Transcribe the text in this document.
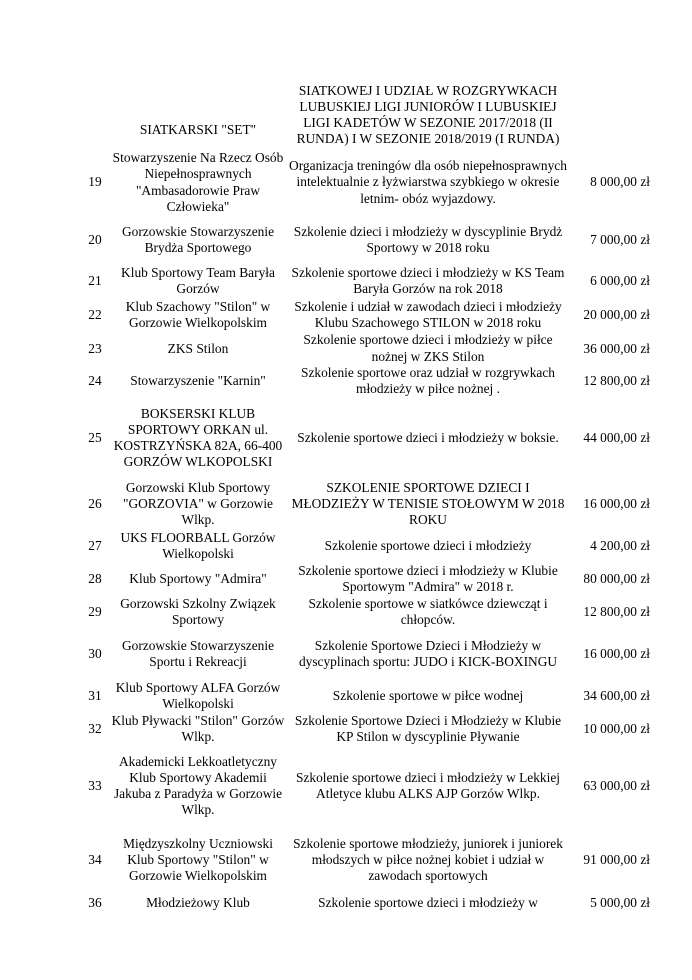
	SIATKARSKI "SET"	SIATKOWEJ I UDZIAŁ W ROZGRYWKACH LUBUSKIEJ LIGI JUNIORÓW I LUBUSKIEJ LIGI KADETÓW W SEZONIE 2017/2018 (II RUNDA) I W SEZONIE 2018/2019 (I RUNDA)	
19	Stowarzyszenie Na Rzecz Osób Niepełnosprawnych "Ambasadorowie Praw Człowieka"	Organizacja treningów dla osób niepełnosprawnych intelektualnie z łyżwiarstwa szybkiego w okresie letnim- obóz wyjazdowy.	8 000,00 zł
20	Gorzowskie Stowarzyszenie Brydża Sportowego	Szkolenie dzieci i młodzieży w dyscyplinie Brydż Sportowy w 2018 roku	7 000,00 zł
21	Klub Sportowy Team Baryła Gorzów	Szkolenie sportowe dzieci i młodzieży w KS Team Baryła Gorzów na rok 2018	6 000,00 zł
22	Klub Szachowy "Stilon" w Gorzowie Wielkopolskim	Szkolenie i udział w zawodach dzieci i młodzieży Klubu Szachowego STILON w 2018 roku	20 000,00 zł
23	ZKS Stilon	Szkolenie sportowe dzieci i młodzieży w piłce nożnej w ZKS Stilon	36 000,00 zł
24	Stowarzyszenie "Karnin"	Szkolenie sportowe oraz udział w rozgrywkach młodzieży w piłce nożnej .	12 800,00 zł
25	BOKSERSKI KLUB SPORTOWY ORKAN ul. KOSTRZYŃSKA 82A, 66-400 GORZÓW WLKOPOLSKI	Szkolenie sportowe dzieci i młodzieży w boksie.	44 000,00 zł
26	Gorzowski Klub Sportowy "GORZOVIA" w Gorzowie Wlkp.	SZKOLENIE SPORTOWE DZIECI I MŁODZIEŻY W TENISIE STOŁOWYM W 2018 ROKU	16 000,00 zł
27	UKS FLOORBALL Gorzów Wielkopolski	Szkolenie sportowe dzieci i młodzieży	4 200,00 zł
28	Klub Sportowy "Admira"	Szkolenie sportowe dzieci i młodzieży w Klubie Sportowym "Admira" w 2018 r.	80 000,00 zł
29	Gorzowski Szkolny Związek Sportowy	Szkolenie sportowe w siatkówce dziewcząt i chłopców.	12 800,00 zł
30	Gorzowskie Stowarzyszenie Sportu i Rekreacji	Szkolenie Sportowe Dzieci i Młodzieży w dyscyplinach sportu: JUDO i KICK-BOXINGU	16 000,00 zł
31	Klub Sportowy ALFA Gorzów Wielkopolski	Szkolenie sportowe w piłce wodnej	34 600,00 zł
32	Klub Pływacki "Stilon" Gorzów Wlkp.	Szkolenie Sportowe Dzieci i Młodzieży w Klubie KP Stilon w dyscyplinie Pływanie	10 000,00 zł
33	Akademicki Lekkoatletyczny Klub Sportowy Akademii Jakuba z Paradyża w Gorzowie Wlkp.	Szkolenie sportowe dzieci i młodzieży w Lekkiej Atletyce klubu ALKS AJP Gorzów Wlkp.	63 000,00 zł
34	Międzyszkolny Uczniowski Klub Sportowy "Stilon" w Gorzowie Wielkopolskim	Szkolenie sportowe młodzieży, juniorek i juniorek młodszych w piłce nożnej kobiet i udział w zawodach sportowych	91 000,00 zł
36	Młodzieżowy Klub	Szkolenie sportowe dzieci i młodzieży w	5 000,00 zł
